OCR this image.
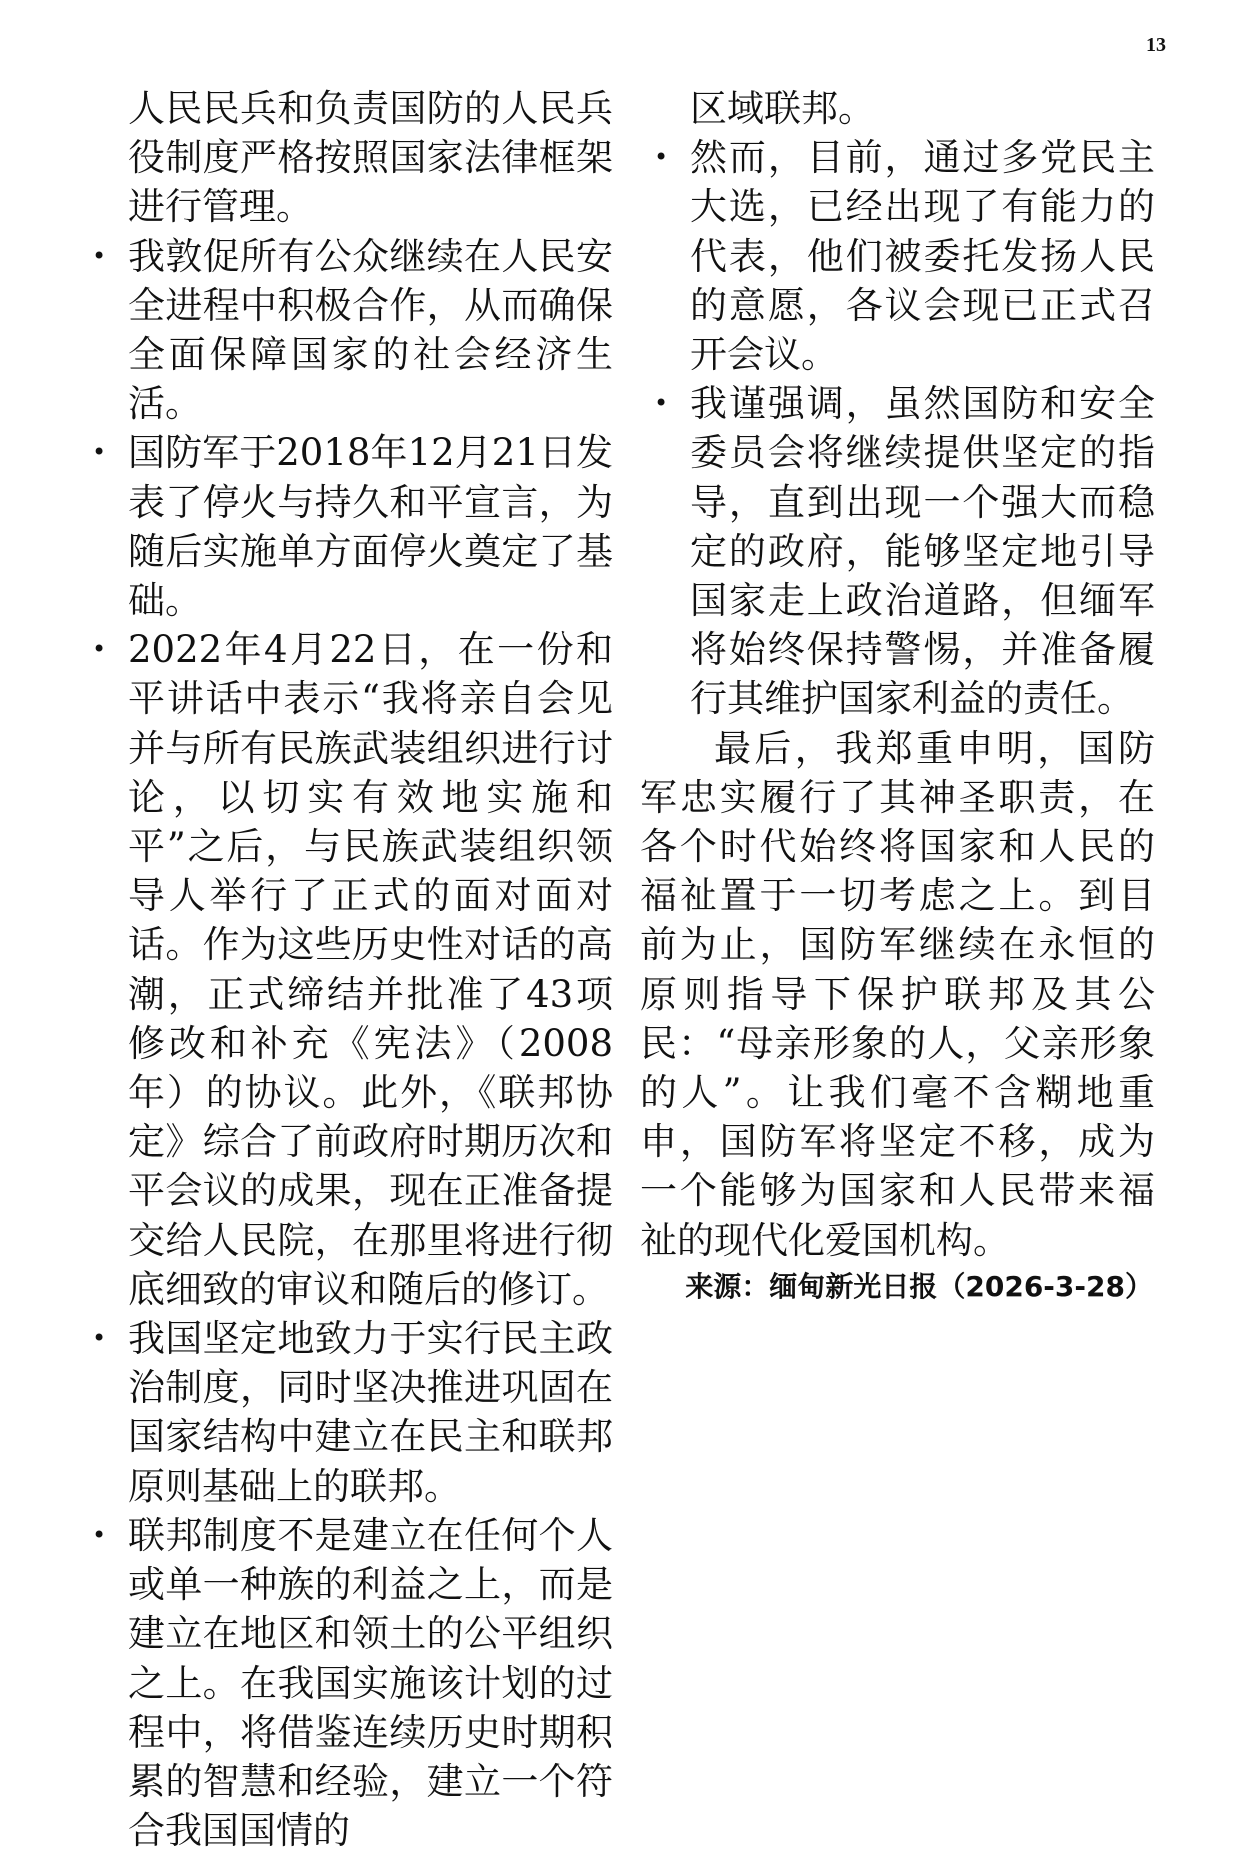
13

人民民兵和负责国防的人民兵役制度严格按照国家法律框架进行管理。

• 我敦促所有公众继续在人民安全进程中积极合作，从而确保全面保障国家的社会经济生活。

• 国防军于2018年12月21日发表了停火与持久和平宣言，为随后实施单方面停火奠定了基础。

• 2022年4月22日，在一份和平讲话中表示“我将亲自会见并与所有民族武装组织进行讨论，以切实有效地实施和平”之后，与民族武装组织领导人举行了正式的面对面对话。作为这些历史性对话的高潮，正式缔结并批准了43项修改和补充《宪法》（2008年）的协议。此外，《联邦协定》综合了前政府时期历次和平会议的成果，现在正准备提交给人民院，在那里将进行彻底细致的审议和随后的修订。

• 我国坚定地致力于实行民主政治制度，同时坚决推进巩固在国家结构中建立在民主和联邦原则基础上的联邦。

• 联邦制度不是建立在任何个人或单一种族的利益之上，而是建立在地区和领土的公平组织之上。在我国实施该计划的过程中，将借鉴连续历史时期积累的智慧和经验，建立一个符合我国国情的

区域联邦。

• 然而，目前，通过多党民主大选，已经出现了有能力的代表，他们被委托发扬人民的意愿，各议会现已正式召开会议。

• 我谨强调，虽然国防和安全委员会将继续提供坚定的指导，直到出现一个强大而稳定的政府，能够坚定地引导国家走上政治道路，但缅军将始终保持警惕，并准备履行其维护国家利益的责任。

最后，我郑重申明，国防军忠实履行了其神圣职责，在各个时代始终将国家和人民的福祉置于一切考虑之上。到目前为止，国防军继续在永恒的原则指导下保护联邦及其公民：“母亲形象的人，父亲形象的人”。让我们毫不含糊地重申，国防军将坚定不移，成为一个能够为国家和人民带来福祉的现代化爱国机构。

来源：缅甸新光日报（2026-3-28）
